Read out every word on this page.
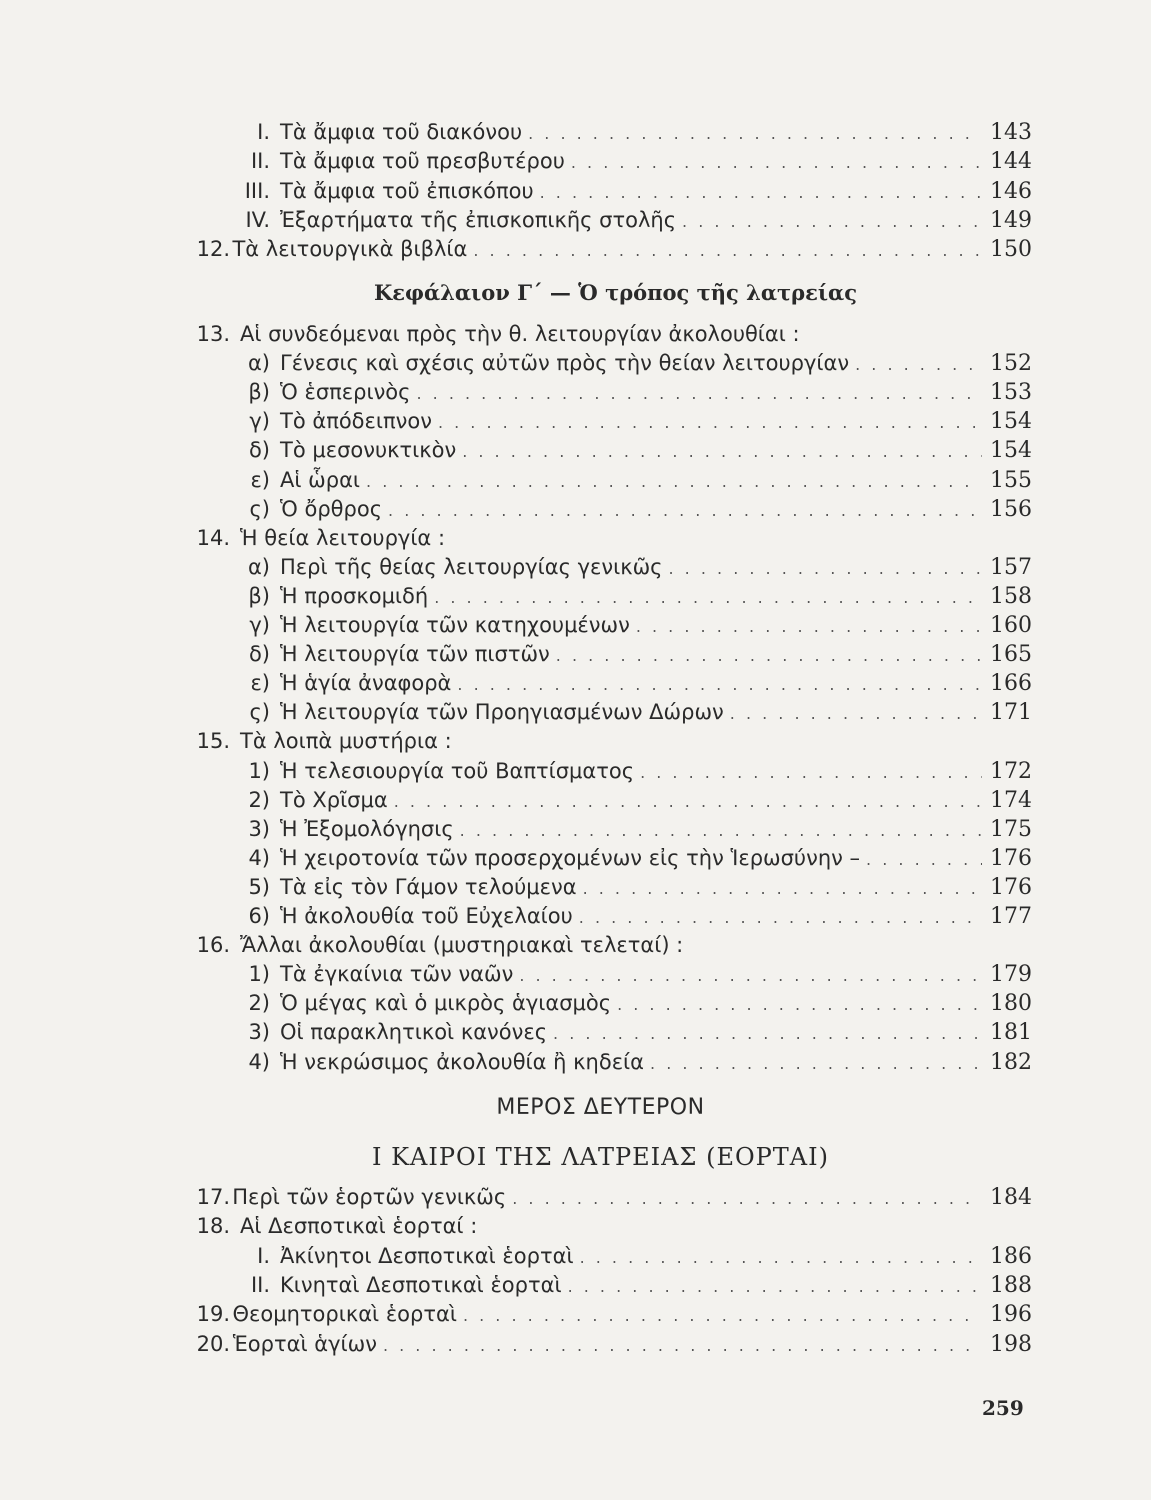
I. Τὰ ἄμφια τοῦ διακόνου . . .	143
II. Τὰ ἄμφια τοῦ πρεσβυτέρου . . .	144
III. Τὰ ἄμφια τοῦ ἐπισκόπου . . .	146
IV. Ἐξαρτήματα τῆς ἐπισκοπικῆς στολῆς . . .	149
12. Τὰ λειτουργικὰ βιβλία . . .	150
Κεφάλαιον Γ΄ — Ὁ τρόπος τῆς λατρείας
13. Αἱ συνδεόμεναι πρὸς τὴν θ. λειτουργίαν ἀκολουθίαι :
α) Γένεσις καὶ σχέσις αὐτῶν πρὸς τὴν θείαν λειτουργίαν . . .	152
β) Ὁ ἑσπερινὸς . . .	153
γ) Τὸ ἀπόδειπνον . . .	154
δ) Τὸ μεσονυκτικὸν . . .	154
ε) Αἱ ὧραι . . .	155
ς) Ὁ ὄρθρος . . .	156
14. Ἡ θεία λειτουργία :
α) Περὶ τῆς θείας λειτουργίας γενικῶς . . .	157
β) Ἡ προσκομιδή . . .	158
γ) Ἡ λειτουργία τῶν κατηχουμένων . . .	160
δ) Ἡ λειτουργία τῶν πιστῶν . . .	165
ε) Ἡ ἁγία ἀναφορὰ . . .	166
ς) Ἡ λειτουργία τῶν Προηγιασμένων Δώρων . . .	171
15. Τὰ λοιπὰ μυστήρια :
1) Ἡ τελεσιουργία τοῦ Βαπτίσματος . . .	172
2) Τὸ Χρῖσμα . . .	174
3) Ἡ Ἐξομολόγησις . . .	175
4) Ἡ χειροτονία τῶν προσερχομένων εἰς τὴν Ἱερωσύνην – . . .	176
5) Τὰ εἰς τὸν Γάμον τελούμενα . . .	176
6) Ἡ ἀκολουθία τοῦ Εὐχελαίου . . .	177
16. Ἄλλαι ἀκολουθίαι (μυστηριακαὶ τελεταί) :
1) Τὰ ἐγκαίνια τῶν ναῶν . . .	179
2) Ὁ μέγας καὶ ὁ μικρὸς ἁγιασμὸς . . .	180
3) Οἱ παρακλητικοὶ κανόνες . . .	181
4) Ἡ νεκρώσιμος ἀκολουθία ἢ κηδεία . . .	182
ΜΕΡΟΣ ΔΕΥΤΕΡΟΝ
Ι ΚΑΙΡΟΙ ΤΗΣ ΛΑΤΡΕΙΑΣ (ΕΟΡΤΑΙ)
17. Περὶ τῶν ἑορτῶν γενικῶς . . .	184
18. Αἱ Δεσποτικαὶ ἑορταί :
I. Ἀκίνητοι Δεσποτικαὶ ἑορταὶ . . .	186
II. Κινηταὶ Δεσποτικαὶ ἑορταὶ . . .	188
19. Θεομητορικαὶ ἑορταὶ . . .	196
20. Ἑορταὶ ἁγίων . . .	198
259
